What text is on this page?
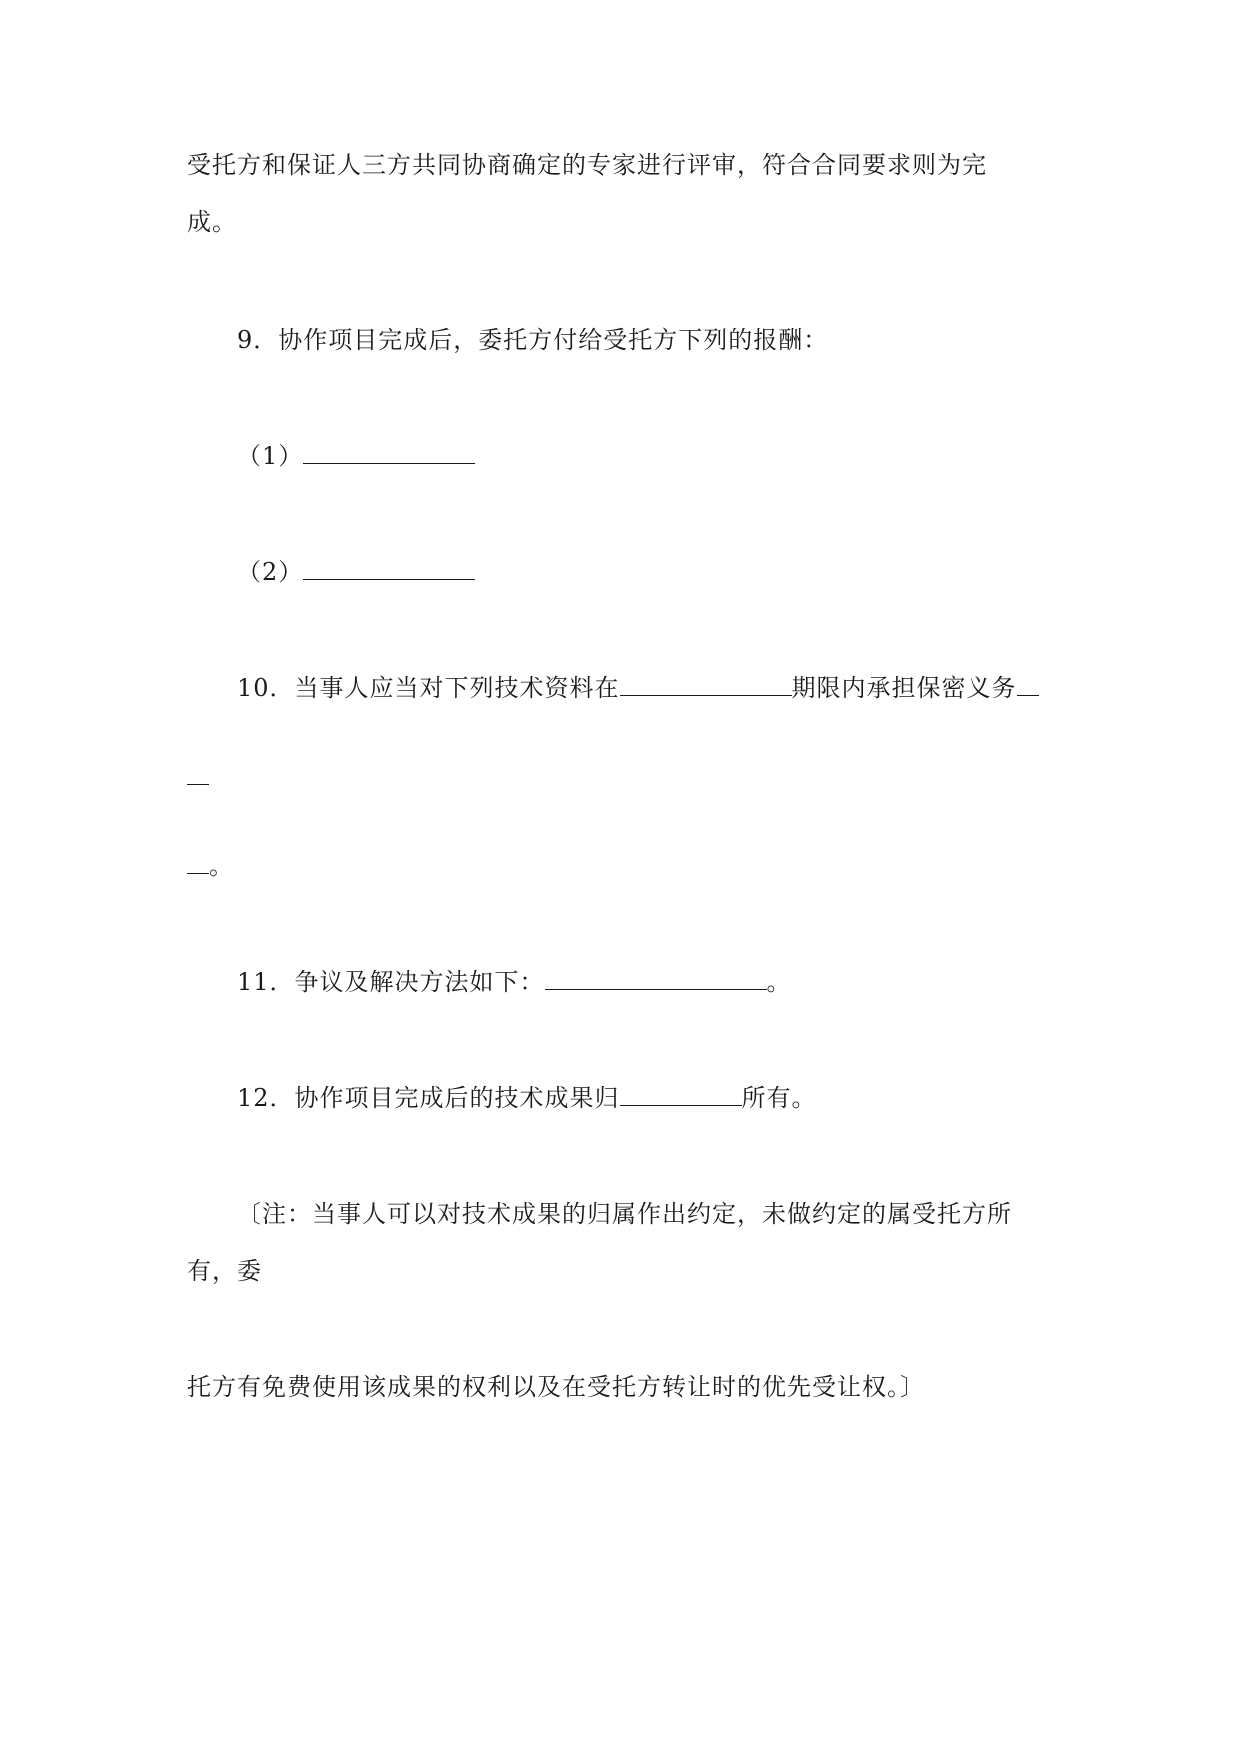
受托方和保证人三方共同协商确定的专家进行评审，符合合同要求则为完
成。
9．协作项目完成后，委托方付给受托方下列的报酬：
（1）
（2）
10．当事人应当对下列技术资料在	期限内承担保密义务
。
11．争议及解决方法如下：	。
12．协作项目完成后的技术成果归	所有。
〔注：当事人可以对技术成果的归属作出约定，未做约定的属受托方所
有，委
托方有免费使用该成果的权利以及在受托方转让时的优先受让权。〕
